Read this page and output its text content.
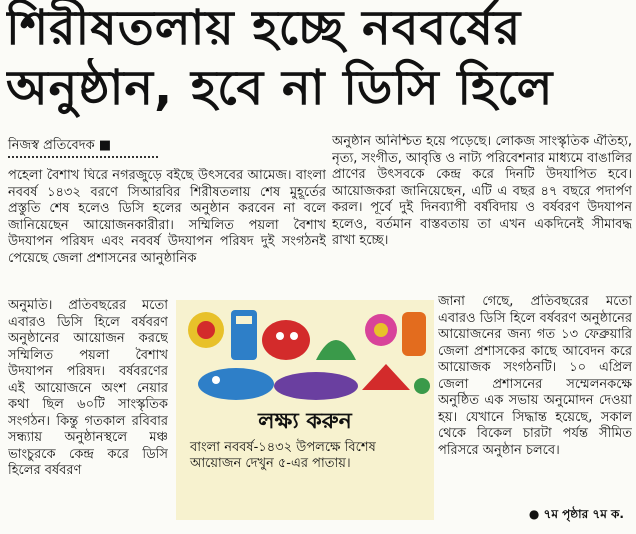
শিরীষতলায় হচ্ছে নববর্ষের
অনুষ্ঠান, হবে না ডিসি হিলে
নিজস্ব প্রতিবেদক ■

পহেলা বৈশাখ ঘিরে নগরজুড়ে বইছে উৎসবের আমেজ। বাংলা নববর্ষ ১৪৩২ বরণে সিআরবির শিরীষতলায় শেষ মুহূর্তের প্রস্তুতি শেষ হলেও ডিসি হলের অনুষ্ঠান করবেন না বলে জানিয়েছেন আয়োজনকারীরা। সম্মিলিত পয়লা বৈশাখ উদযাপন পরিষদ এবং নববর্ষ উদযাপন পরিষদ দুই সংগঠনই পেয়েছে জেলা প্রশাসনের আনুষ্ঠানিক

অনুমতি। প্রতিবছরের মতো এবারও ডিসি হিলে বর্ষবরণ অনুষ্ঠানের আয়োজন করছে সম্মিলিত পয়লা বৈশাখ উদযাপন পরিষদ। বর্ষবরণের এই আয়োজনে অংশ নেয়ার কথা ছিল ৬০টি সাংস্কৃতিক সংগঠন। কিন্তু গতকাল রবিবার সন্ধ্যায় অনুষ্ঠানস্থলে মঞ্চ ভাংচুরকে কেন্দ্র করে ডিসি হিলের বর্ষবরণ

অনুষ্ঠান অনিশ্চিত হয়ে পড়েছে। লোকজ সাংস্কৃতিক ঐতিহ্য, নৃত্য, সংগীত, আবৃত্তি ও নাট্য পরিবেশনার মাধ্যমে বাঙালির প্রাণের উৎসবকে কেন্দ্র করে দিনটি উদযাপিত হবে। আয়োজকরা জানিয়েছেন, এটি এ বছর ৪৭ বছরে পদার্পণ করল। পূর্বে দুই দিনব্যাপী বর্ষবিদায় ও বর্ষবরণ উদযাপন হলেও, বর্তমান বাস্তবতায় তা এখন একদিনেই সীমাবদ্ধ রাখা হচ্ছে।

জানা গেছে, প্রতিবছরের মতো এবারও ডিসি হিলে বর্ষবরণ অনুষ্ঠানের আয়োজনের জন্য গত ১৩ ফেব্রুয়ারি জেলা প্রশাসকের কাছে আবেদন করে আয়োজক সংগঠনটি। ১০ এপ্রিল জেলা প্রশাসনের সম্মেলনকক্ষে অনুষ্ঠিত এক সভায় অনুমোদন দেওয়া হয়। যেখানে সিদ্ধান্ত হয়েছে, সকাল থেকে বিকেল চারটা পর্যন্ত সীমিত পরিসরে অনুষ্ঠান চলবে।

লক্ষ্য করুন

বাংলা নববর্ষ-১৪৩২ উপলক্ষে বিশেষ আয়োজন দেখুন ৫-এর পাতায়।

● ৭ম পৃষ্ঠার ৭ম ক.
